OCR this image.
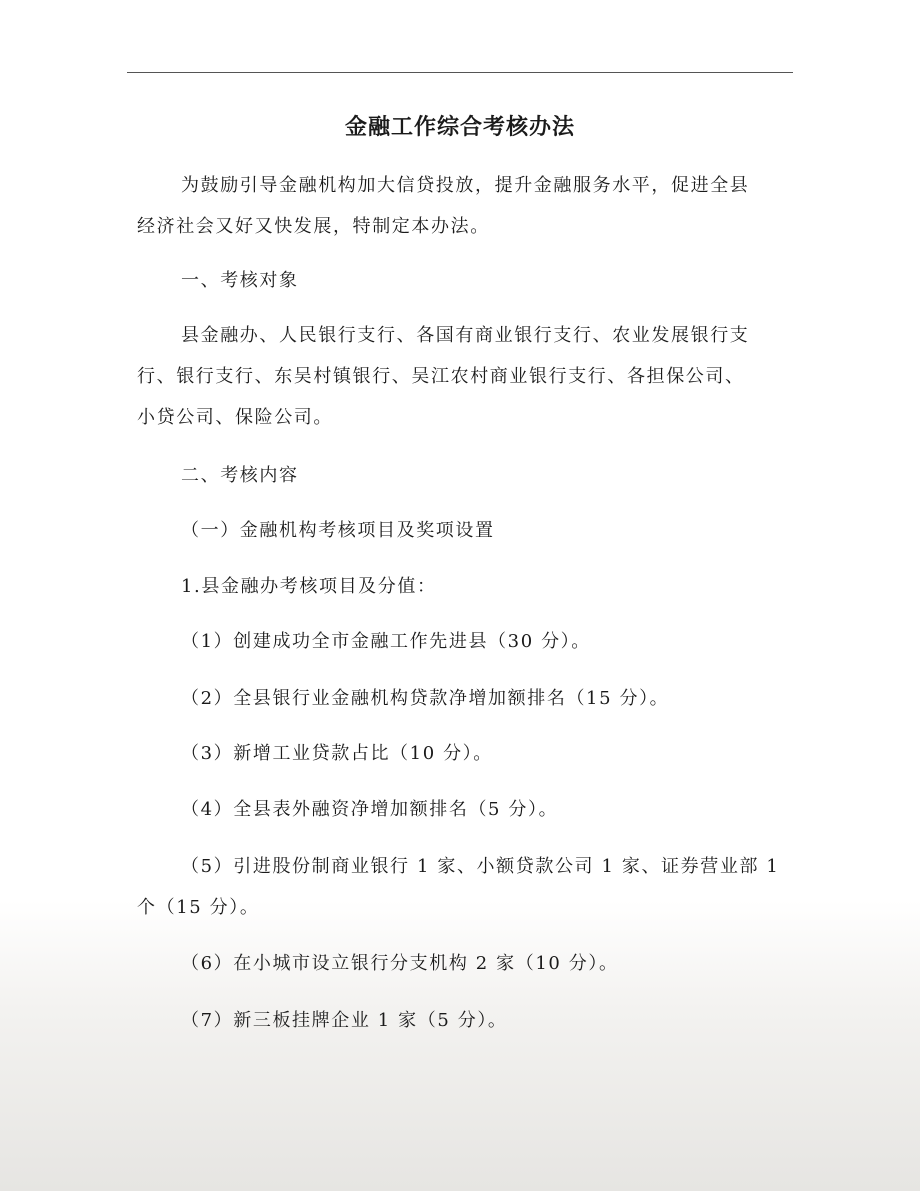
金融工作综合考核办法
为鼓励引导金融机构加大信贷投放，提升金融服务水平，促进全县
经济社会又好又快发展，特制定本办法。
一、考核对象
县金融办、人民银行支行、各国有商业银行支行、农业发展银行支
行、银行支行、东吴村镇银行、吴江农村商业银行支行、各担保公司、
小贷公司、保险公司。
二、考核内容
（一）金融机构考核项目及奖项设置
1.县金融办考核项目及分值：
（1）创建成功全市金融工作先进县（30 分）。
（2）全县银行业金融机构贷款净增加额排名（15 分）。
（3）新增工业贷款占比（10 分）。
（4）全县表外融资净增加额排名（5 分）。
（5）引进股份制商业银行 1 家、小额贷款公司 1 家、证券营业部 1
个（15 分）。
（6）在小城市设立银行分支机构 2 家（10 分）。
（7）新三板挂牌企业 1 家（5 分）。
